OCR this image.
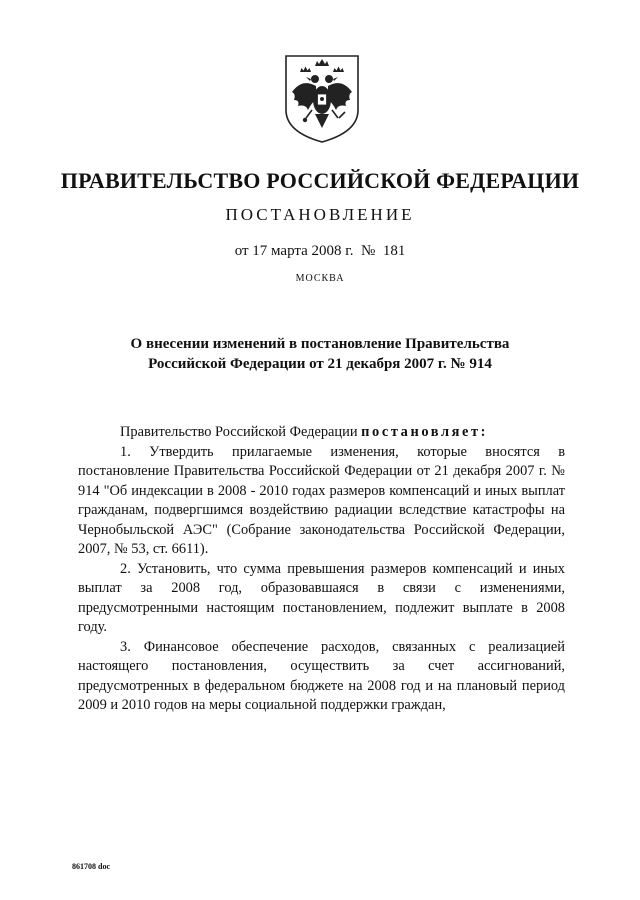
ПРАВИТЕЛЬСТВО РОССИЙСКОЙ ФЕДЕРАЦИИ
ПОСТАНОВЛЕНИЕ
от 17 марта 2008 г.  №  181
МОСКВА
О внесении изменений в постановление Правительства
Российской Федерации от 21 декабря 2007 г. № 914
Правительство Российской Федерации постановляет:

1. Утвердить прилагаемые изменения, которые вносятся в постановление Правительства Российской Федерации от 21 декабря 2007 г. № 914 "Об индексации в 2008 - 2010 годах размеров компенсаций и иных выплат гражданам, подвергшимся воздействию радиации вследствие катастрофы на Чернобыльской АЭС" (Собрание законодательства Российской Федерации, 2007, № 53, ст. 6611).

2. Установить, что сумма превышения размеров компенсаций и иных выплат за 2008 год, образовавшаяся в связи с изменениями, предусмотренными настоящим постановлением, подлежит выплате в 2008 году.

3. Финансовое обеспечение расходов, связанных с реализацией настоящего постановления, осуществить за счет ассигнований, предусмотренных в федеральном бюджете на 2008 год и на плановый период 2009 и 2010 годов на меры социальной поддержки граждан,

861708 doc
